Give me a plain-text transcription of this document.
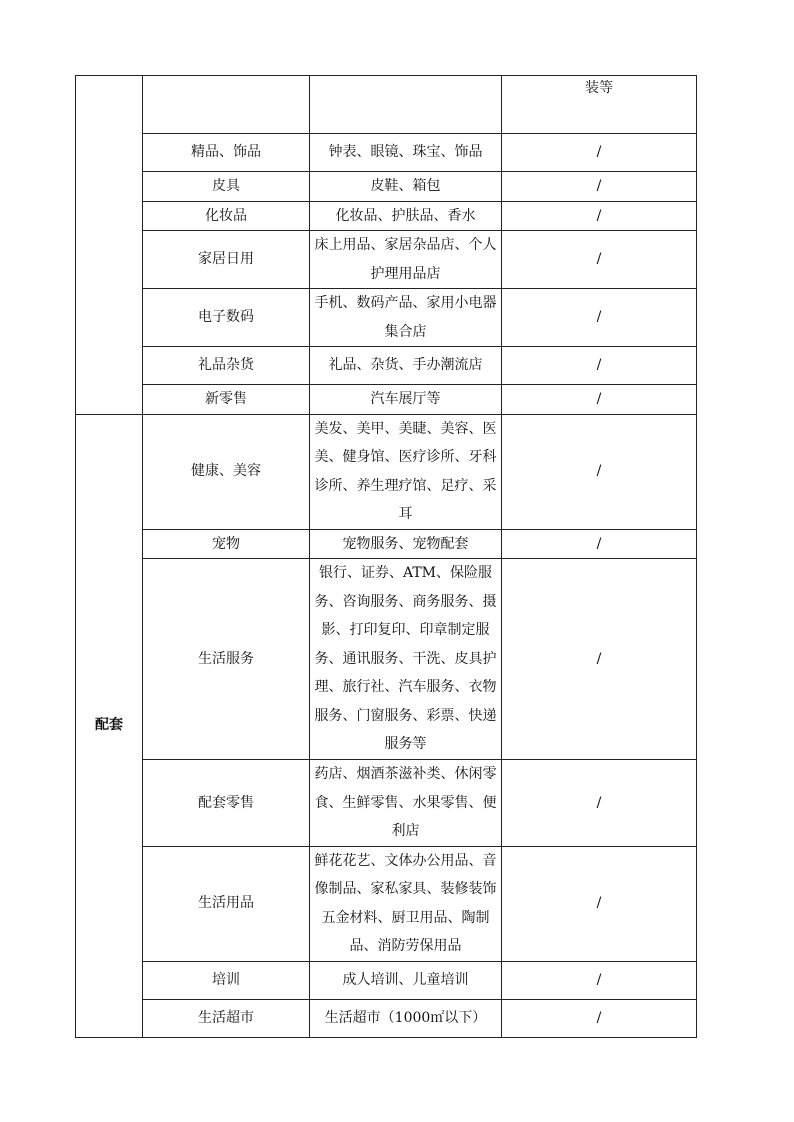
			装等
	精品、饰品	钟表、眼镜、珠宝、饰品	/
	皮具	皮鞋、箱包	/
	化妆品	化妆品、护肤品、香水	/
	家居日用	床上用品、家居杂品店、个人护理用品店	/
	电子数码	手机、数码产品、家用小电器集合店	/
	礼品杂货	礼品、杂货、手办潮流店	/
	新零售	汽车展厅等	/
配套	健康、美容	美发、美甲、美睫、美容、医美、健身馆、医疗诊所、牙科诊所、养生理疗馆、足疗、采耳	/
	宠物	宠物服务、宠物配套	/
	生活服务	银行、证券、ATM、保险服务、咨询服务、商务服务、摄影、打印复印、印章制定服务、通讯服务、干洗、皮具护理、旅行社、汽车服务、衣物服务、门窗服务、彩票、快递服务等	/
	配套零售	药店、烟酒茶滋补类、休闲零食、生鲜零售、水果零售、便利店	/
	生活用品	鲜花花艺、文体办公用品、音像制品、家私家具、装修装饰五金材料、厨卫用品、陶制品、消防劳保用品	/
	培训	成人培训、儿童培训	/
	生活超市	生活超市（1000㎡以下）	/
